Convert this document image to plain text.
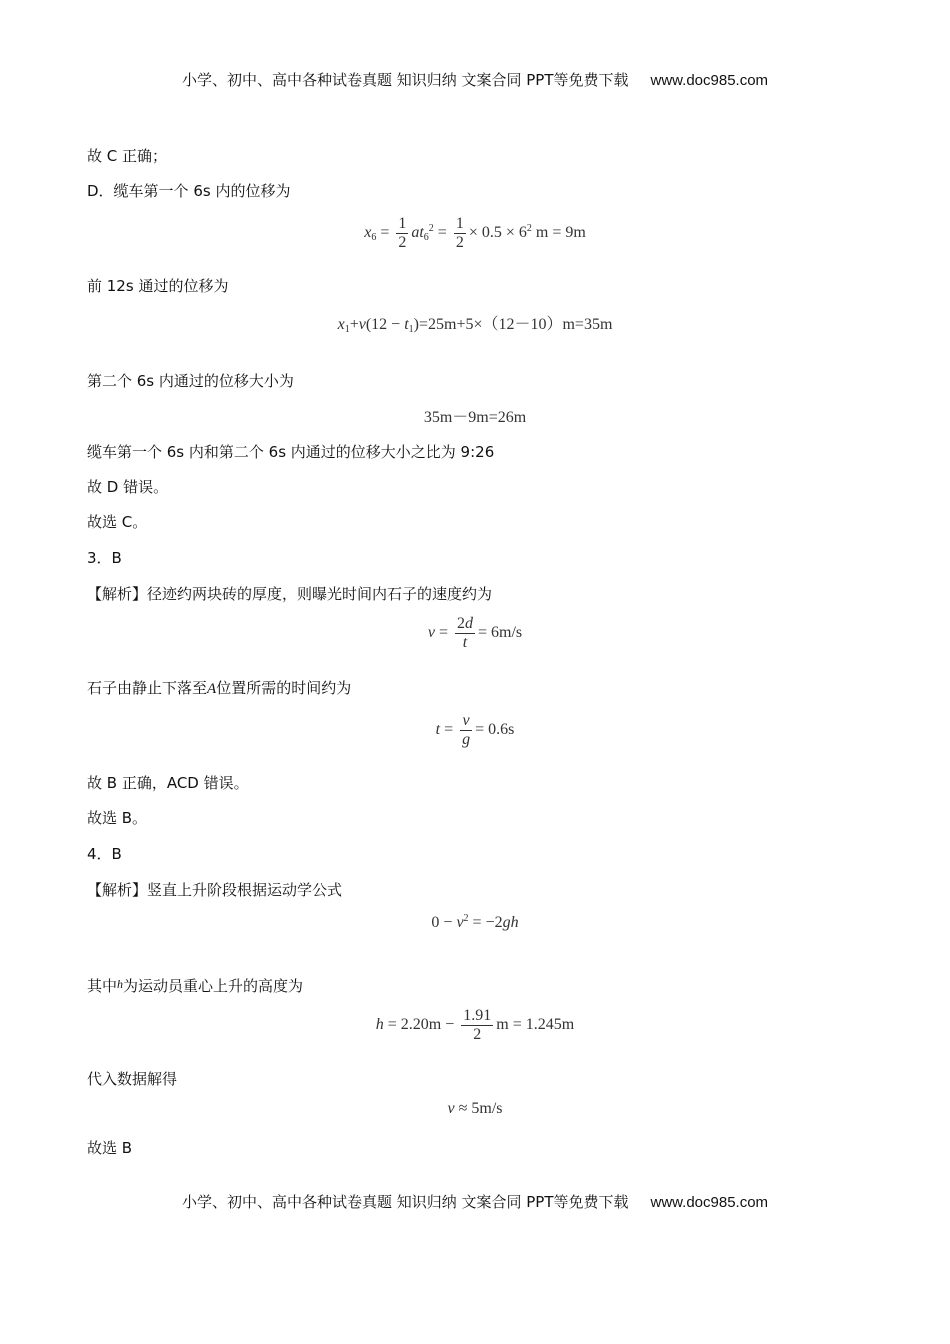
小学、初中、高中各种试卷真题 知识归纳 文案合同 PPT等免费下载 www.doc985.com
故 C 正确；
D．缆车第一个 6s 内的位移为
$x_6 = \frac{1}{2} at_6^2 = \frac{1}{2} \times 0.5 \times 6^2$ m = 9m
前 12s 通过的位移为
$x_1+v(12 - t_1)=25m+5\times(12-10)m=35m$
第二个 6s 内通过的位移大小为
35m－9m=26m
缆车第一个 6s 内和第二个 6s 内通过的位移大小之比为 9:26
故 D 错误。
故选 C。
3．B
【解析】径迹约两块砖的厚度，则曝光时间内石子的速度约为
$v = \frac{2d}{t} = 6m/s$
石子由静止下落至A位置所需的时间约为
$t = \frac{v}{g} = 0.6s$
故 B 正确，ACD 错误。
故选 B。
4．B
【解析】竖直上升阶段根据运动学公式
$0 - v^2 = -2gh$
其中$^h$为运动员重心上升的高度为
$h = 2.20m - \frac{1.91}{2}$ m = 1.245m
代入数据解得
v ≈ 5m/s
故选 B
小学、初中、高中各种试卷真题 知识归纳 文案合同 PPT等免费下载 www.doc985.com
